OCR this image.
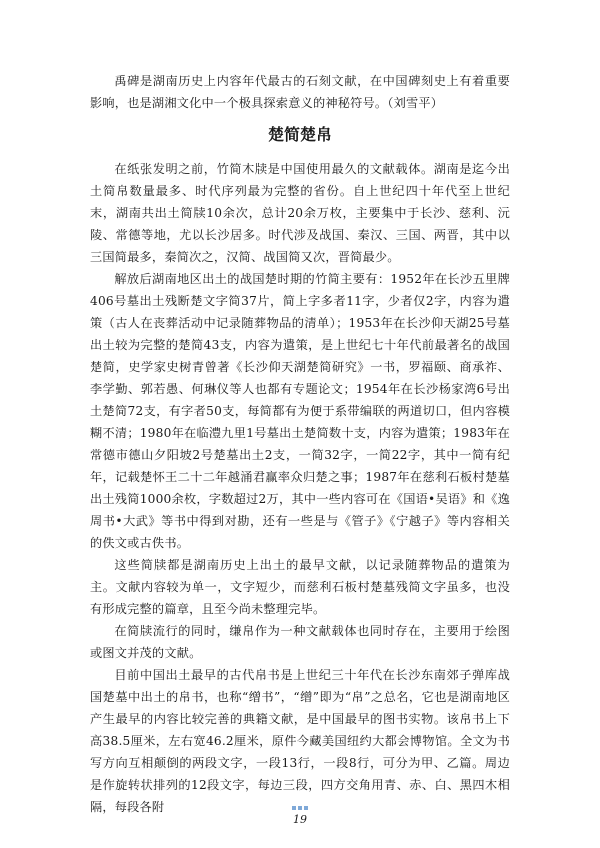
禹碑是湖南历史上内容年代最古的石刻文献，在中国碑刻史上有着重要影响，也是湖湘文化中一个极具探索意义的神秘符号。（刘雪平）

楚简楚帛

在纸张发明之前，竹简木牍是中国使用最久的文献载体。湖南是迄今出土简帛数量最多、时代序列最为完整的省份。自上世纪四十年代至上世纪末，湖南共出土简牍10余次，总计20余万枚，主要集中于长沙、慈利、沅陵、常德等地，尤以长沙居多。时代涉及战国、秦汉、三国、两晋，其中以三国简最多，秦简次之，汉简、战国简又次，晋简最少。

解放后湖南地区出土的战国楚时期的竹简主要有：1952年在长沙五里牌406号墓出土残断楚文字简37片，简上字多者11字，少者仅2字，内容为遣策（古人在丧葬活动中记录随葬物品的清单）；1953年在长沙仰天湖25号墓出土较为完整的楚简43支，内容为遣策，是上世纪七十年代前最著名的战国楚简，史学家史树青曾著《长沙仰天湖楚简研究》一书，罗福颐、商承祚、李学勤、郭若愚、何琳仪等人也都有专题论文；1954年在长沙杨家湾6号出土楚简72支，有字者50支，每简都有为便于系带编联的两道切口，但内容模糊不清；1980年在临澧九里1号墓出土楚简数十支，内容为遣策；1983年在常德市德山夕阳坡2号楚墓出土2支，一简32字，一简22字，其中一简有纪年，记载楚怀王二十二年越涌君赢率众归楚之事；1987年在慈利石板村楚墓出土残简1000余枚，字数超过2万，其中一些内容可在《国语•吴语》和《逸周书•大武》等书中得到对勘，还有一些是与《管子》《宁越子》等内容相关的佚文或古佚书。

这些简牍都是湖南历史上出土的最早文献，以记录随葬物品的遣策为主。文献内容较为单一，文字短少，而慈利石板村楚墓残简文字虽多，也没有形成完整的篇章，且至今尚未整理完毕。

在简牍流行的同时，缣帛作为一种文献载体也同时存在，主要用于绘图或图文并茂的文献。

目前中国出土最早的古代帛书是上世纪三十年代在长沙东南郊子弹库战国楚墓中出土的帛书，也称“缯书”，“缯”即为“帛”之总名，它也是湖南地区产生最早的内容比较完善的典籍文献，是中国最早的图书实物。该帛书上下高38.5厘米，左右宽46.2厘米，原件今藏美国纽约大都会博物馆。全文为书写方向互相颠倒的两段文字，一段13行，一段8行，可分为甲、乙篇。周边是作旋转状排列的12段文字，每边三段，四方交角用青、赤、白、黑四木相隔，每段各附

19
